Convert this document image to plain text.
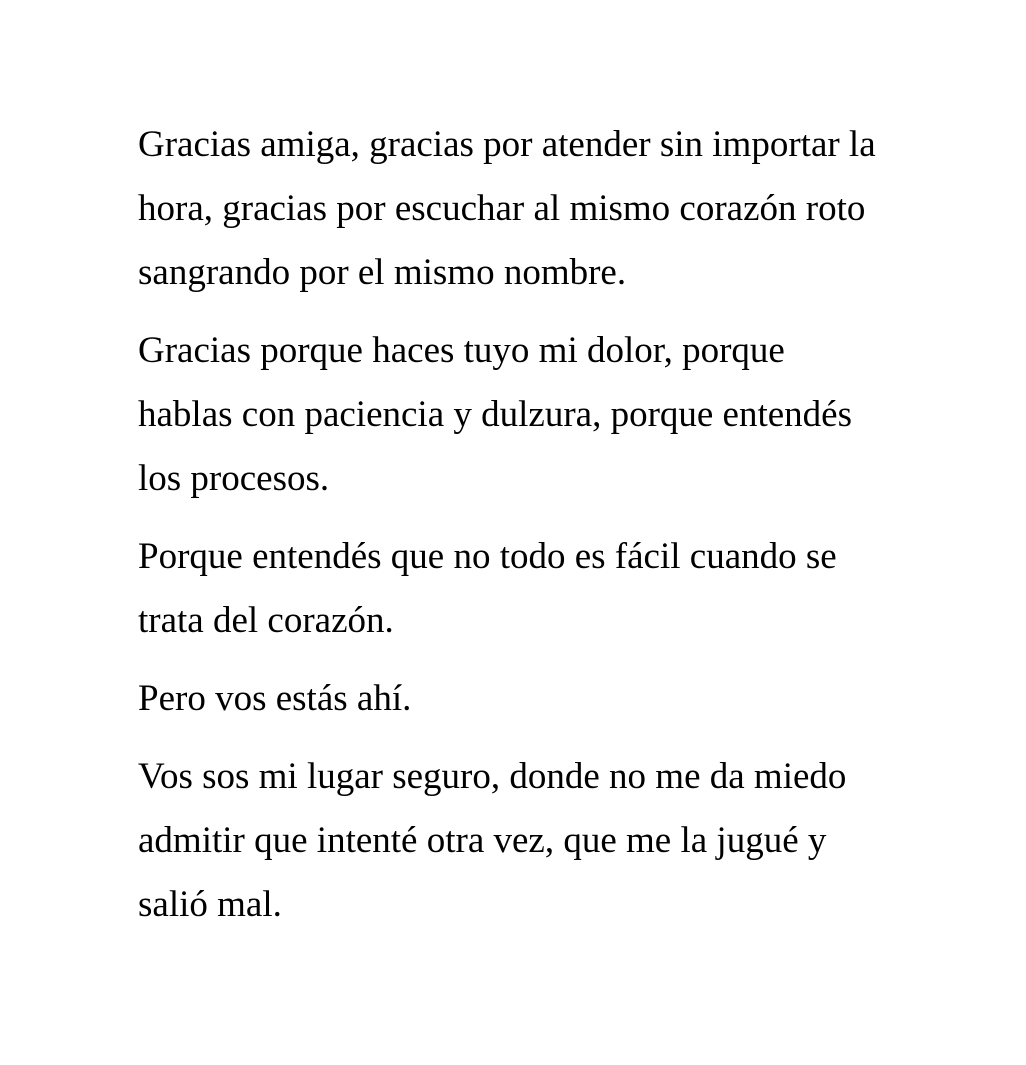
Gracias amiga, gracias por atender sin importar la hora, gracias por escuchar al mismo corazón roto sangrando por el mismo nombre.

Gracias porque haces tuyo mi dolor, porque hablas con paciencia y dulzura, porque entendés los procesos.

Porque entendés que no todo es fácil cuando se trata del corazón.

Pero vos estás ahí.

Vos sos mi lugar seguro, donde no me da miedo admitir que intenté otra vez, que me la jugué y salió mal.
